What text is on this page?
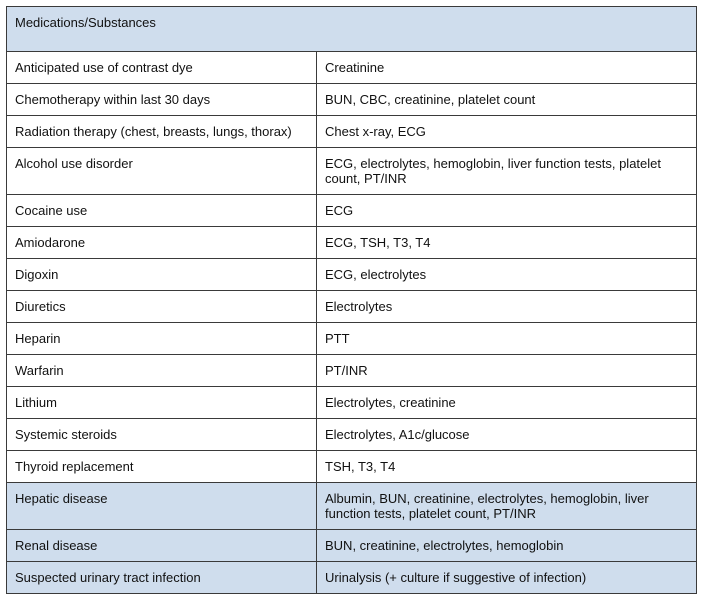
Medications/Substances	
Anticipated use of contrast dye	Creatinine
Chemotherapy within last 30 days	BUN, CBC, creatinine, platelet count
Radiation therapy (chest, breasts, lungs, thorax)	Chest x-ray, ECG
Alcohol use disorder	ECG, electrolytes, hemoglobin, liver function tests, platelet count, PT/INR
Cocaine use	ECG
Amiodarone	ECG, TSH, T3, T4
Digoxin	ECG, electrolytes
Diuretics	Electrolytes
Heparin	PTT
Warfarin	PT/INR
Lithium	Electrolytes, creatinine
Systemic steroids	Electrolytes, A1c/glucose
Thyroid replacement	TSH, T3, T4
Hepatic disease	Albumin, BUN, creatinine, electrolytes, hemoglobin, liver function tests, platelet count, PT/INR
Renal disease	BUN, creatinine, electrolytes, hemoglobin
Suspected urinary tract infection	Urinalysis (+ culture if suggestive of infection)
